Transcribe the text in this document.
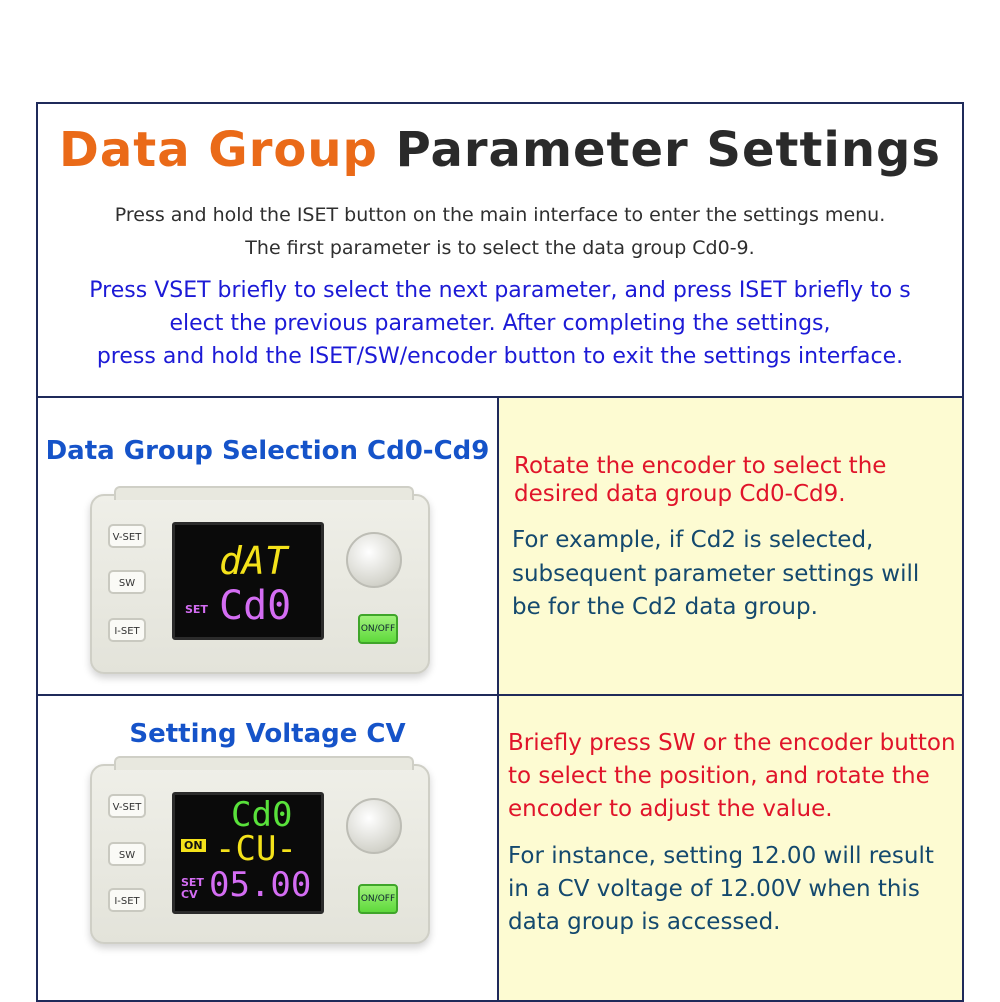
Data Group Parameter Settings
Press and hold the ISET button on the main interface to enter the settings menu.
The first parameter is to select the data group Cd0-9.
Press VSET briefly to select the next parameter, and press ISET briefly to s
elect the previous parameter. After completing the settings,
press and hold the ISET/SW/encoder button to exit the settings interface.
Data Group Selection Cd0-Cd9
V-SET
SW
I-SET
dAT
SET Cd0	ON/OFF
Rotate the encoder to select the
desired data group Cd0-Cd9.
For example, if Cd2 is selected,
subsequent parameter settings will
be for the Cd2 data group.
Setting Voltage CV
V-SET
SW
I-SET
Cd0
ON -CU-
SET
CV 05.00	ON/OFF
Briefly press SW or the encoder button
to select the position, and rotate the
encoder to adjust the value.
For instance, setting 12.00 will result
in a CV voltage of 12.00V when this
data group is accessed.
